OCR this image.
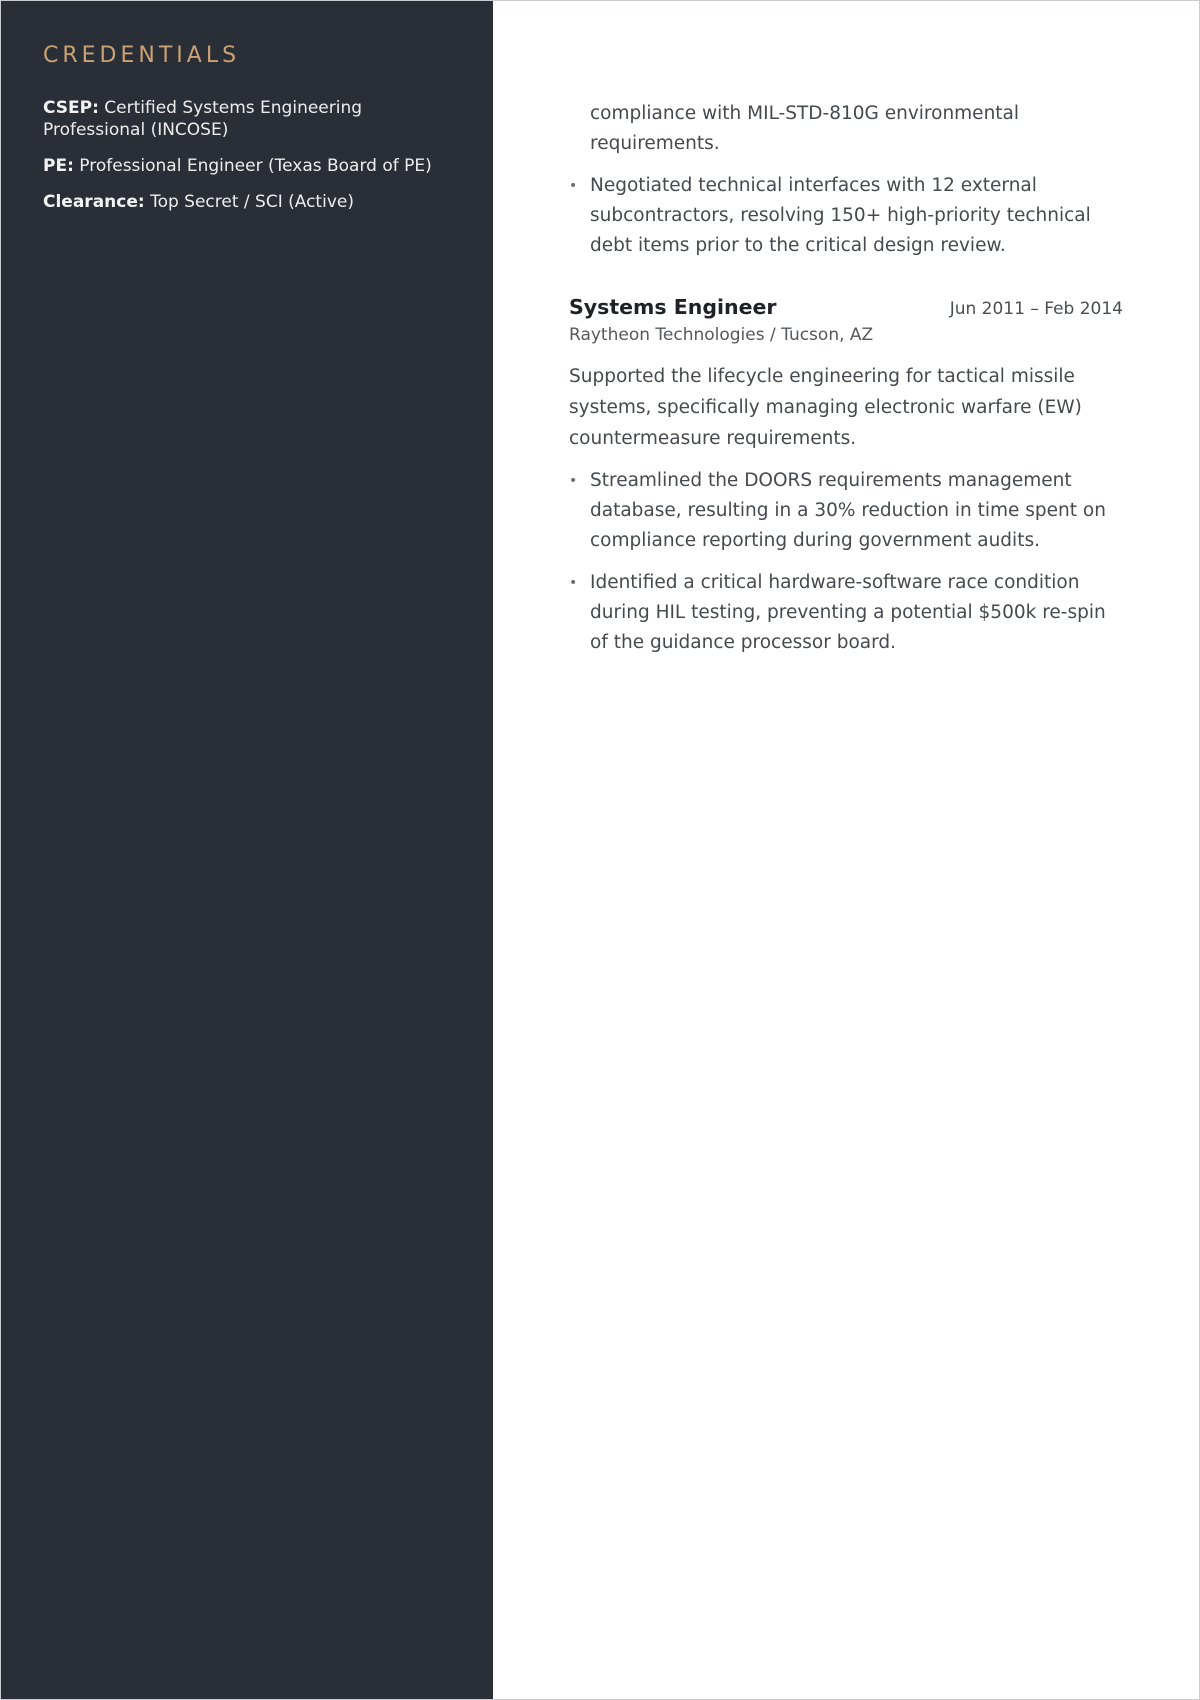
CREDENTIALS
CSEP: Certified Systems Engineering Professional (INCOSE)
PE: Professional Engineer (Texas Board of PE)
Clearance: Top Secret / SCI (Active)
compliance with MIL-STD-810G environmental requirements.
• Negotiated technical interfaces with 12 external subcontractors, resolving 150+ high-priority technical debt items prior to the critical design review.
Systems Engineer	Jun 2011 – Feb 2014
Raytheon Technologies / Tucson, AZ

Supported the lifecycle engineering for tactical missile systems, specifically managing electronic warfare (EW) countermeasure requirements.

• Streamlined the DOORS requirements management database, resulting in a 30% reduction in time spent on compliance reporting during government audits.
• Identified a critical hardware-software race condition during HIL testing, preventing a potential $500k re-spin of the guidance processor board.
